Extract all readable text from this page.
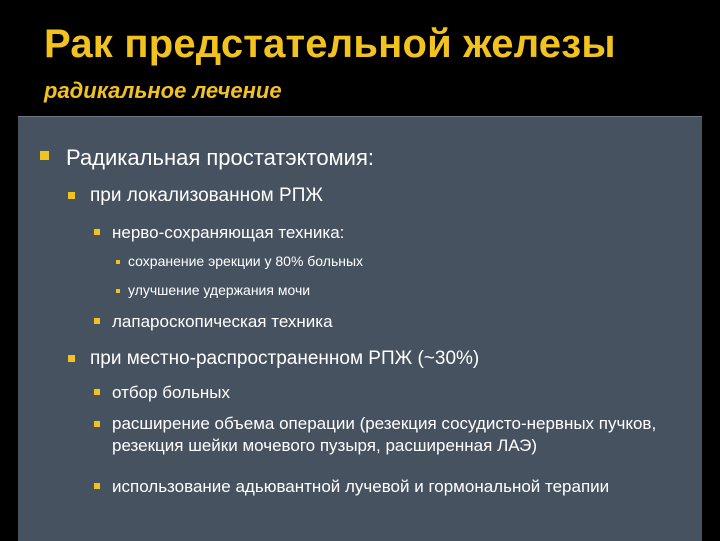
Рак предстательной железы
радикальное лечение
Радикальная простатэктомия:
при локализованном РПЖ
нерво-сохраняющая техника:
сохранение эрекции у 80% больных
улучшение удержания мочи
лапароскопическая техника
при местно-распространенном РПЖ (~30%)
отбор больных
расширение объема операции (резекция сосудисто-нервных пучков, резекция шейки мочевого пузыря, расширенная ЛАЭ)
использование адьювантной лучевой и гормональной терапии
